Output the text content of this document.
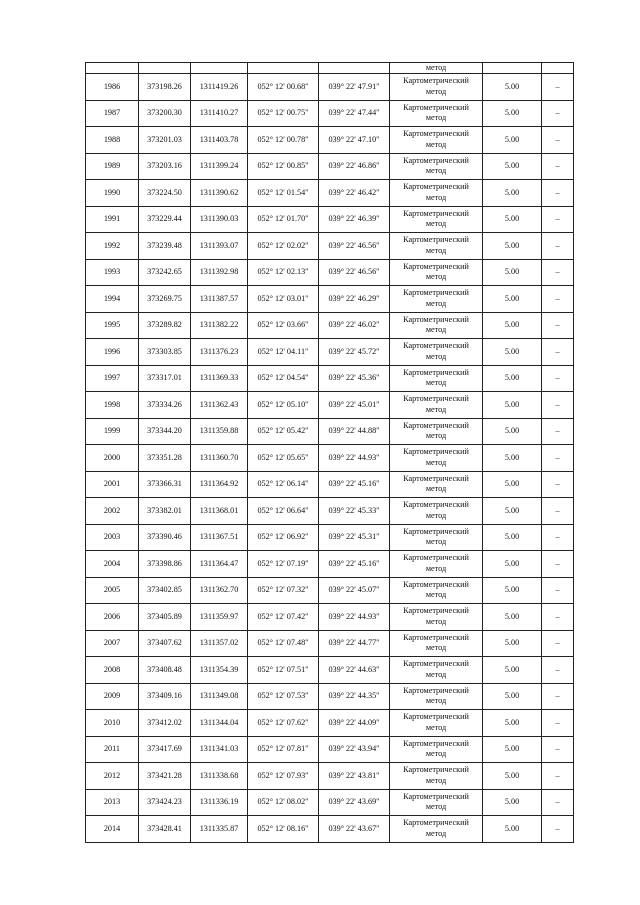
					метод		
1986	373198.26	1311419.26	052° 12' 00.68"	039° 22' 47.91"	Картометрический
метод	5.00	–
1987	373200.30	1311410.27	052° 12' 00.75"	039° 22' 47.44"	Картометрический
метод	5.00	–
1988	373201.03	1311403.78	052° 12' 00.78"	039° 22' 47.10"	Картометрический
метод	5.00	–
1989	373203.16	1311399.24	052° 12' 00.85"	039° 22' 46.86"	Картометрический
метод	5.00	–
1990	373224.50	1311390.62	052° 12' 01.54"	039° 22' 46.42"	Картометрический
метод	5.00	–
1991	373229.44	1311390.03	052° 12' 01.70"	039° 22' 46.39"	Картометрический
метод	5.00	–
1992	373239.48	1311393.07	052° 12' 02.02"	039° 22' 46.56"	Картометрический
метод	5.00	–
1993	373242.65	1311392.98	052° 12' 02.13"	039° 22' 46.56"	Картометрический
метод	5.00	–
1994	373269.75	1311387.57	052° 12' 03.01"	039° 22' 46.29"	Картометрический
метод	5.00	–
1995	373289.82	1311382.22	052° 12' 03.66"	039° 22' 46.02"	Картометрический
метод	5.00	–
1996	373303.85	1311376.23	052° 12' 04.11"	039° 22' 45.72"	Картометрический
метод	5.00	–
1997	373317.01	1311369.33	052° 12' 04.54"	039° 22' 45.36"	Картометрический
метод	5.00	–
1998	373334.26	1311362.43	052° 12' 05.10"	039° 22' 45.01"	Картометрический
метод	5.00	–
1999	373344.20	1311359.88	052° 12' 05.42"	039° 22' 44.88"	Картометрический
метод	5.00	–
2000	373351.28	1311360.70	052° 12' 05.65"	039° 22' 44.93"	Картометрический
метод	5.00	–
2001	373366.31	1311364.92	052° 12' 06.14"	039° 22' 45.16"	Картометрический
метод	5.00	–
2002	373382.01	1311368.01	052° 12' 06.64"	039° 22' 45.33"	Картометрический
метод	5.00	–
2003	373390.46	1311367.51	052° 12' 06.92"	039° 22' 45.31"	Картометрический
метод	5.00	–
2004	373398.86	1311364.47	052° 12' 07.19"	039° 22' 45.16"	Картометрический
метод	5.00	–
2005	373402.85	1311362.70	052° 12' 07.32"	039° 22' 45.07"	Картометрический
метод	5.00	–
2006	373405.89	1311359.97	052° 12' 07.42"	039° 22' 44.93"	Картометрический
метод	5.00	–
2007	373407.62	1311357.02	052° 12' 07.48"	039° 22' 44.77"	Картометрический
метод	5.00	–
2008	373408.48	1311354.39	052° 12' 07.51"	039° 22' 44.63"	Картометрический
метод	5.00	–
2009	373409.16	1311349.08	052° 12' 07.53"	039° 22' 44.35"	Картометрический
метод	5.00	–
2010	373412.02	1311344.04	052° 12' 07.62"	039° 22' 44.09"	Картометрический
метод	5.00	–
2011	373417.69	1311341.03	052° 12' 07.81"	039° 22' 43.94"	Картометрический
метод	5.00	–
2012	373421.28	1311338.68	052° 12' 07.93"	039° 22' 43.81"	Картометрический
метод	5.00	–
2013	373424.23	1311336.19	052° 12' 08.02"	039° 22' 43.69"	Картометрический
метод	5.00	–
2014	373428.41	1311335.87	052° 12' 08.16"	039° 22' 43.67"	Картометрический
метод	5.00	–
